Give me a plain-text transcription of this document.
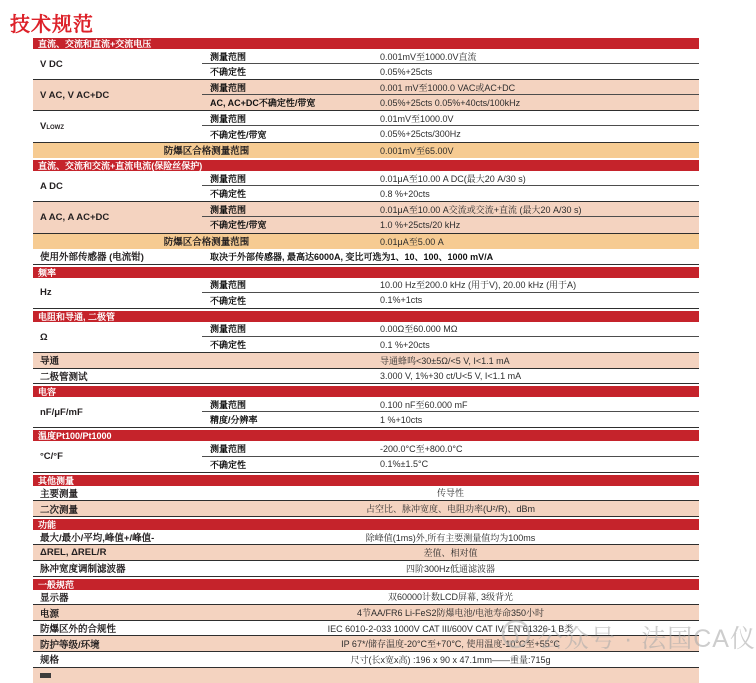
技术规范
直流、交流和直流+交流电压
V DC
测量范围	0.001mV至1000.0V直流
不确定性	0.05%+25cts
V AC, V AC+DC
测量范围	0.001 mV至1000.0 VAC或AC+DC
AC, AC+DC不确定性/带宽	0.05%+25cts 0.05%+40cts/100kHz
V LOWZ
测量范围	0.01mV至1000.0V
不确定性/带宽	0.05%+25cts/300Hz
防爆区合格测量范围	0.001mV至65.00V
直流、交流和交流+直流电流(保险丝保护)
A DC
测量范围	0.01μA至10.00 A DC(最大20 A/30 s)
不确定性	0.8 %+20cts
A AC, A AC+DC
测量范围	0.01μA至10.00 A交流或交流+直流 (最大20 A/30 s)
不确定性/带宽	1.0 %+25cts/20 kHz
防爆区合格测量范围	0.01μA至5.00 A
使用外部传感器 (电流钳)	取决于外部传感器, 最高达6000A, 变比可选为1、10、100、1000 mV/A
频率
Hz
测量范围	10.00 Hz至200.0 kHz (用于V), 20.00 kHz (用于A)
不确定性	0.1%+1cts
电阻和导通, 二极管
Ω
测量范围	0.00Ω至60.000 MΩ
不确定性	0.1 %+20cts
导通	导通蜂鸣<30±5Ω/<5 V, I<1.1 mA
二极管测试	3.000 V, 1%+30 ct/U<5 V, I<1.1 mA
电容
nF/μF/mF
测量范围	0.100 nF至60.000 mF
精度/分辨率	1 %+10cts
温度Pt100/Pt1000
°C/°F
测量范围	-200.0°C至+800.0°C
不确定性	0.1%±1.5°C
其他测量
主要测量	传导性
二次测量	占空比、脉冲宽度、电阻功率(U²/R)、dBm
功能
最大/最小/平均,峰值+/峰值-	除峰值(1ms)外,所有主要测量值均为100ms
ΔREL, ΔREL/R	差值、相对值
脉冲宽度调制滤波器	四阶300Hz低通滤波器
一般规范
显示器	双60000计数LCD屏幕, 3级背光
电源	4节AA/FR6 Li-FeS2防爆电池/电池寿命350小时
防爆区外的合规性	IEC 6010-2-033 1000V CAT III/600V CAT IV, EN 61326-1 B类
防护等级/环境	IP 67*/储存温度-20°C至+70°C, 使用温度-10°C至+55°C
规格	尺寸(长x宽x高) :196 x 90 x 47.1mm——重量:715g
公众号 · 法国CA仪
